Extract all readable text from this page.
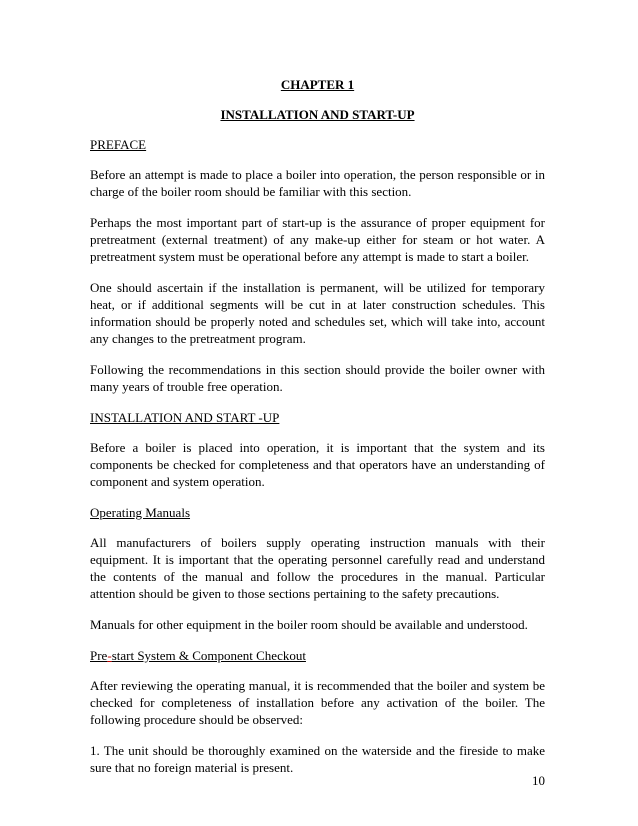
CHAPTER 1
INSTALLATION AND START-UP
PREFACE

Before an attempt is made to place a boiler into operation, the person responsible or in charge of the boiler room should be familiar with this section.

Perhaps the most important part of start-up is the assurance of proper equipment for pretreatment (external treatment) of any make-up either for steam or hot water. A pretreatment system must be operational before any attempt is made to start a boiler.

One should ascertain if the installation is permanent, will be utilized for temporary heat, or if additional segments will be cut in at later construction schedules. This information should be properly noted and schedules set, which will take into, account any changes to the pretreatment program.

Following the recommendations in this section should provide the boiler owner with many years of trouble free operation.

INSTALLATION AND START -UP

Before a boiler is placed into operation, it is important that the system and its components be checked for completeness and that operators have an understanding of component and system operation.

Operating Manuals

All manufacturers of boilers supply operating instruction manuals with their equipment. It is important that the operating personnel carefully read and understand the contents of the manual and follow the procedures in the manual. Particular attention should be given to those sections pertaining to the safety precautions.

Manuals for other equipment in the boiler room should be available and understood.

Pre-start System & Component Checkout

After reviewing the operating manual, it is recommended that the boiler and system be checked for completeness of installation before any activation of the boiler. The following procedure should be observed:

1. The unit should be thoroughly examined on the waterside and the fireside to make sure that no foreign material is present.

10
